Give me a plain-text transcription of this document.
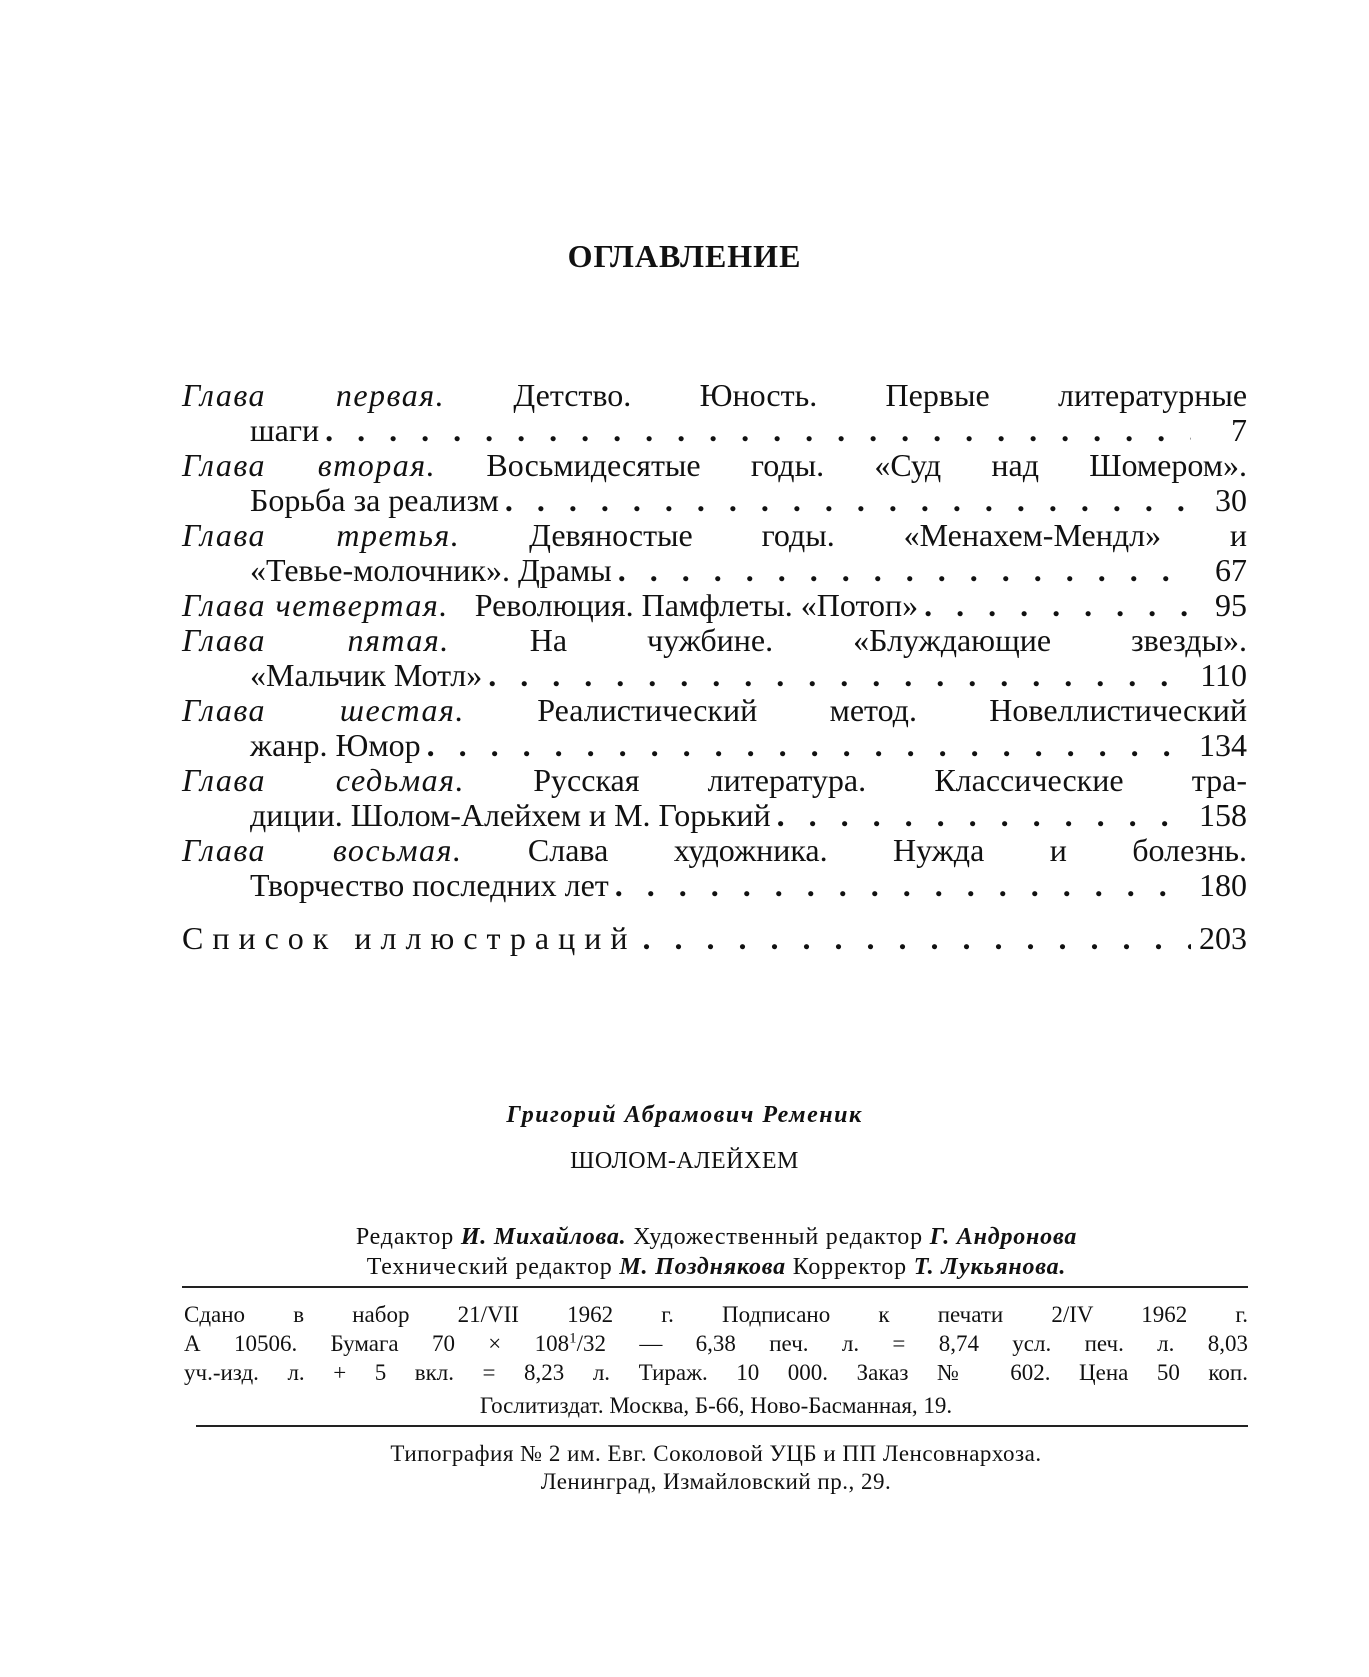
ОГЛАВЛЕНИЕ
Глава первая. Детство. Юность. Первые литературные
шаги . . .	7
Глава вторая. Восьмидесятые годы. «Суд над Шомером».
Борьба за реализм . . .	30
Глава третья. Девяностые годы. «Менахем-Мендл» и
«Тевье-молочник». Драмы . . .	67
Глава четвертая. Революция. Памфлеты. «Потоп» . . .	95
Глава пятая. На чужбине. «Блуждающие звезды».
«Мальчик Мотл» . . .	110
Глава шестая. Реалистический метод. Новеллистический
жанр. Юмор . . .	134
Глава седьмая. Русская литература. Классические тра-
диции. Шолом-Алейхем и М. Горький . . .	158
Глава восьмая. Слава художника. Нужда и болезнь.
Творчество последних лет . . .	180
Список иллюстраций . . .	203

Григорий Абрамович Ременик

ШОЛОМ-АЛЕЙХЕМ

Редактор И. Михайлова. Художественный редактор Г. Андронова
Технический редактор М. Позднякова Корректор Т. Лукьянова.
Сдано в набор 21/VII 1962 г. Подписано к печати 2/IV 1962 г.
А 10506. Бумага $70 \times 108^1/32$ — 6,38 печ. л. = 8,74 усл. печ. л. 8,03
уч.-изд. л. + 5 вкл. = 8,23 л. Тираж. 10 000. Заказ № 602. Цена 50 коп.
Гослитиздат. Москва, Б-66, Ново-Басманная, 19.
Типография № 2 им. Евг. Соколовой УЦБ и ПП Ленсовнархоза.
Ленинград, Измайловский пр., 29.
